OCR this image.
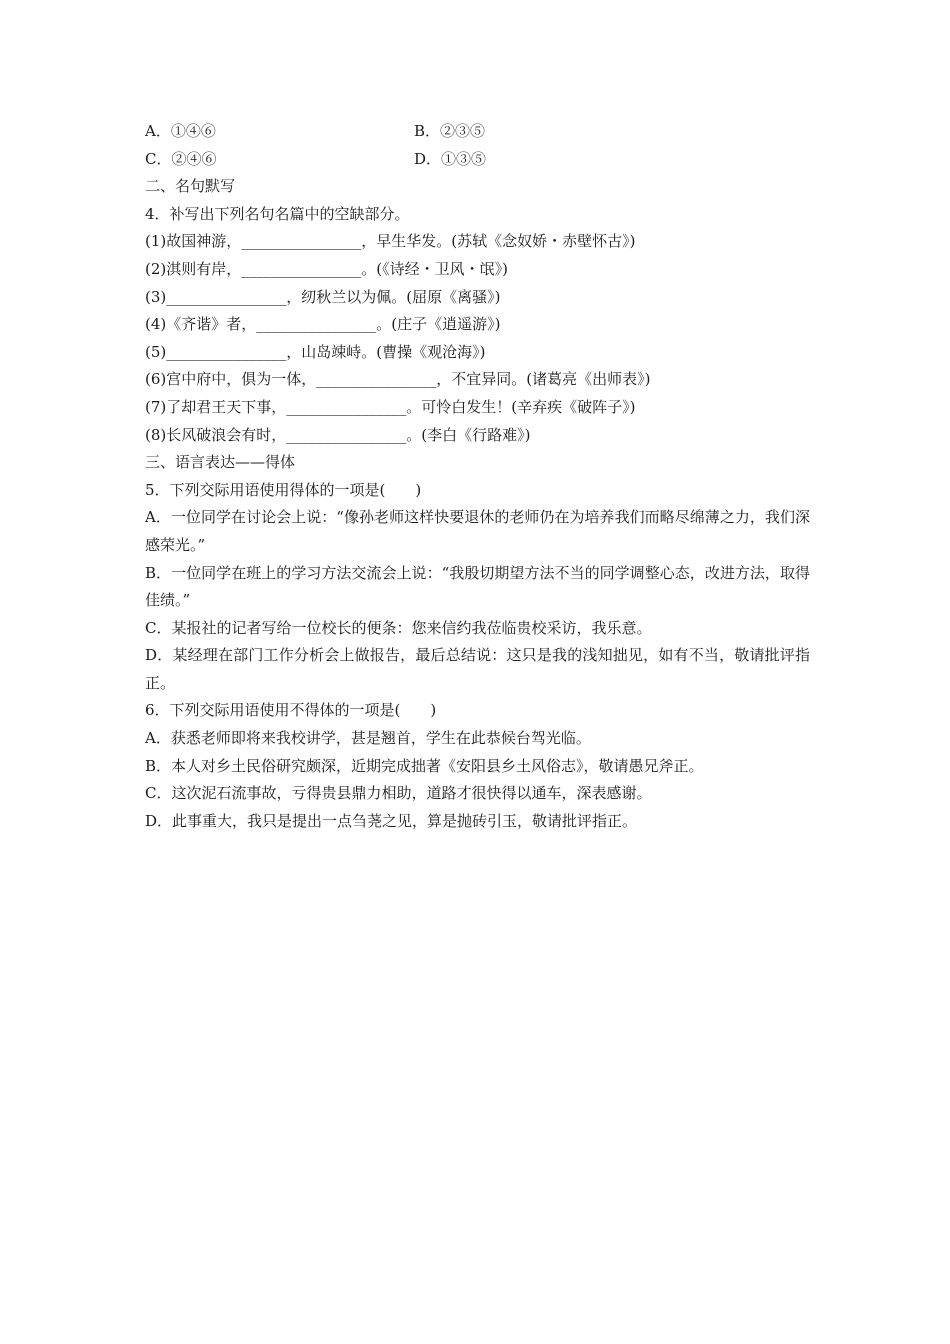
A．①④⑥	B．②③⑤
C．②④⑥	D．①③⑤
二、名句默写
4．补写出下列名句名篇中的空缺部分。
(1)故国神游，________________，早生华发。(苏轼《念奴娇・赤壁怀古》)
(2)淇则有岸，________________。(《诗经・卫风・氓》)
(3)________________，纫秋兰以为佩。(屈原《离骚》)
(4)《齐谐》者，________________。(庄子《逍遥游》)
(5)________________，山岛竦峙。(曹操《观沧海》)
(6)宫中府中，俱为一体，________________，不宜异同。(诸葛亮《出师表》)
(7)了却君王天下事，________________。可怜白发生！(辛弃疾《破阵子》)
(8)长风破浪会有时，________________。(李白《行路难》)
三、语言表达——得体
5．下列交际用语使用得体的一项是(　　)
A．一位同学在讨论会上说：“像孙老师这样快要退休的老师仍在为培养我们而略尽绵薄之力，我们深感荣光。”
B．一位同学在班上的学习方法交流会上说：“我殷切期望方法不当的同学调整心态，改进方法，取得佳绩。”
C．某报社的记者写给一位校长的便条：您来信约我莅临贵校采访，我乐意。
D．某经理在部门工作分析会上做报告，最后总结说：这只是我的浅知拙见，如有不当，敬请批评指正。
6．下列交际用语使用不得体的一项是(　　)
A．获悉老师即将来我校讲学，甚是翘首，学生在此恭候台驾光临。
B．本人对乡土民俗研究颇深，近期完成拙著《安阳县乡土风俗志》，敬请愚兄斧正。
C．这次泥石流事故，亏得贵县鼎力相助，道路才很快得以通车，深表感谢。
D．此事重大，我只是提出一点刍荛之见，算是抛砖引玉，敬请批评指正。
